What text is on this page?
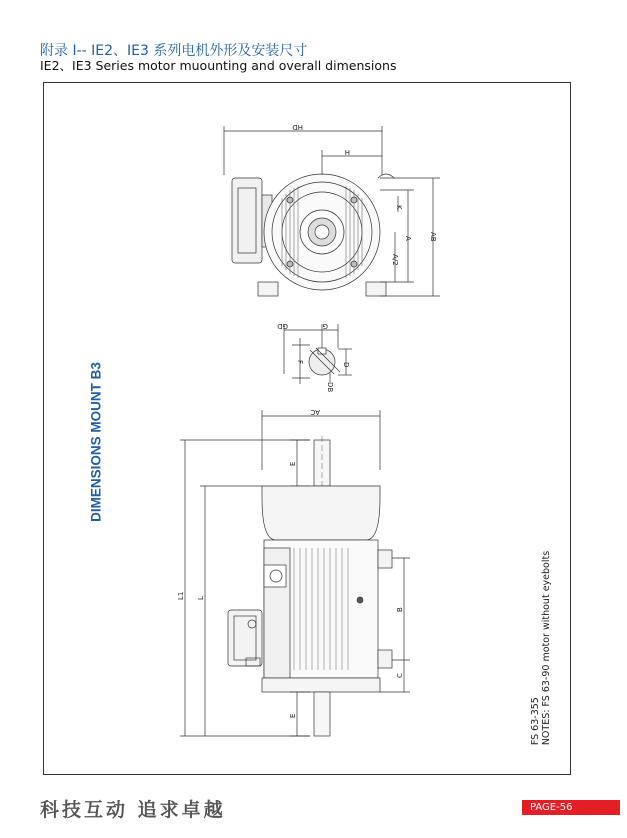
附录 I-- IE2、IE3 系列电机外形及安装尺寸
IE2、IE3 Series motor muounting and overall dimensions
HD
H
K
A AB
A/2
GD	G
F	D
DB
AC
E
L1 L
B
C
E
DIMENSIONS MOUNT B3
FS 63-355 NOTES: FS 63-90 motor without eyebolts
科技互动 追求卓越	PAGE-56
